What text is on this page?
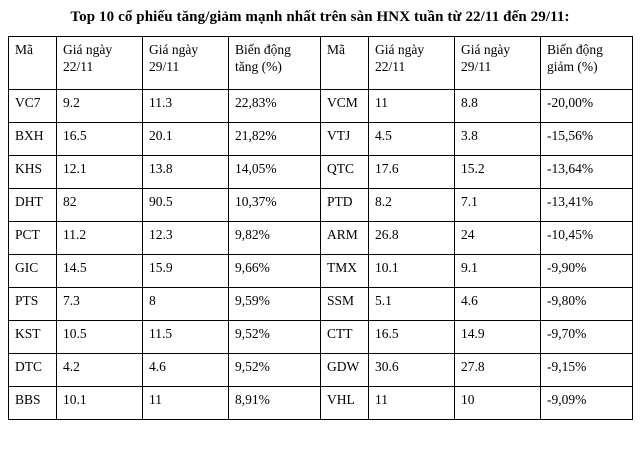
Top 10 cổ phiếu tăng/giảm mạnh nhất trên sàn HNX tuần từ 22/11 đến 29/11:
Mã	Giá ngày 22/11	Giá ngày 29/11	Biến động tăng (%)	Mã	Giá ngày 22/11	Giá ngày 29/11	Biến động giảm (%)
VC7	9.2	11.3	22,83%	VCM	11	8.8	-20,00%
BXH	16.5	20.1	21,82%	VTJ	4.5	3.8	-15,56%
KHS	12.1	13.8	14,05%	QTC	17.6	15.2	-13,64%
DHT	82	90.5	10,37%	PTD	8.2	7.1	-13,41%
PCT	11.2	12.3	9,82%	ARM	26.8	24	-10,45%
GIC	14.5	15.9	9,66%	TMX	10.1	9.1	-9,90%
PTS	7.3	8	9,59%	SSM	5.1	4.6	-9,80%
KST	10.5	11.5	9,52%	CTT	16.5	14.9	-9,70%
DTC	4.2	4.6	9,52%	GDW	30.6	27.8	-9,15%
BBS	10.1	11	8,91%	VHL	11	10	-9,09%
